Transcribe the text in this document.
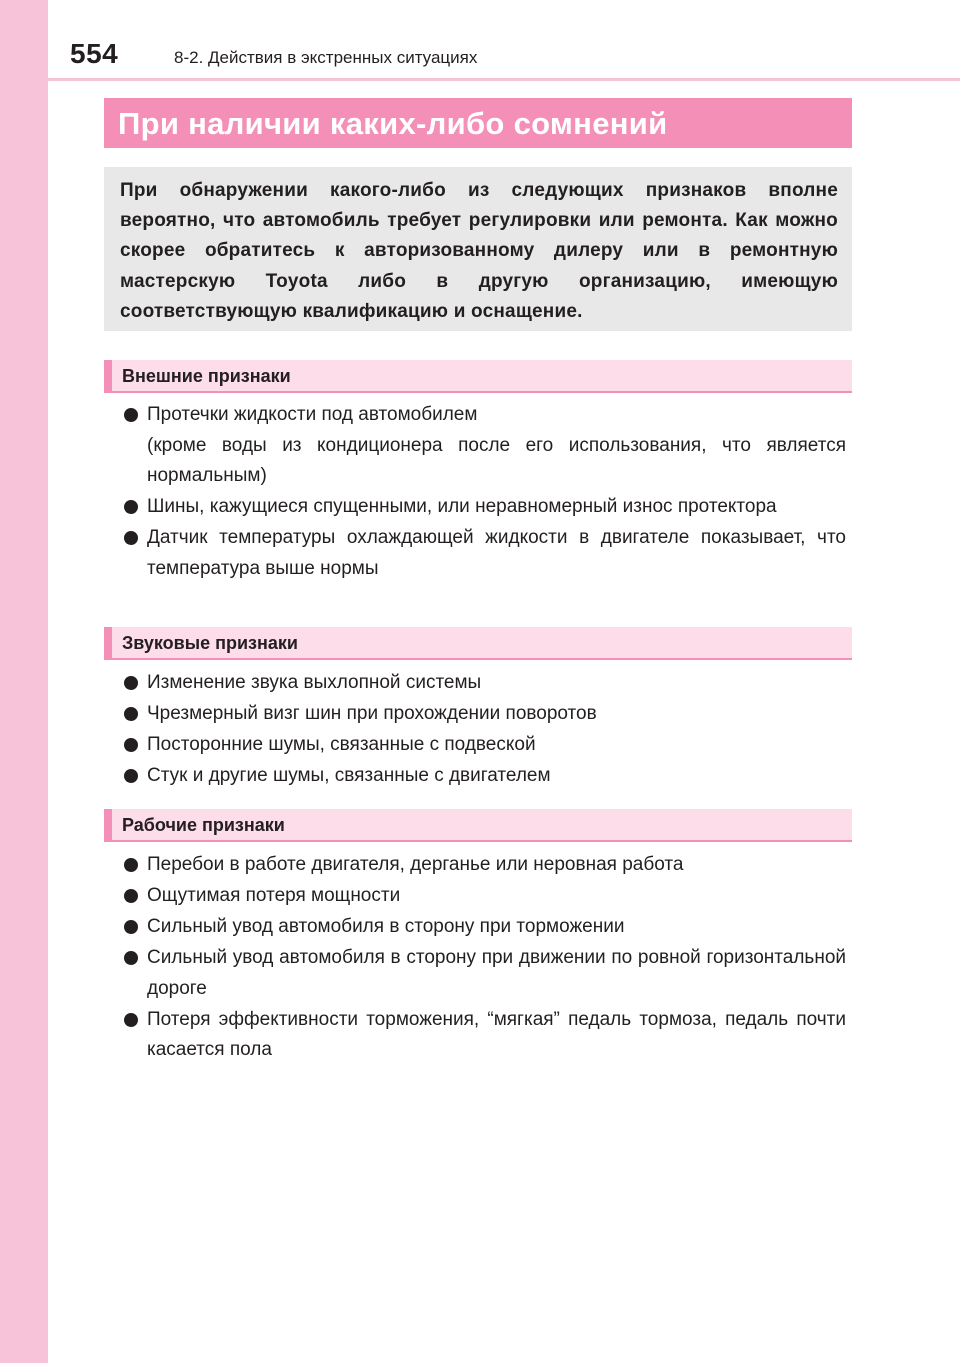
554	8-2. Действия в экстренных ситуациях
При наличии каких-либо сомнений
При обнаружении какого-либо из следующих признаков вполне вероятно, что автомобиль требует регулировки или ремонта. Как можно скорее обратитесь к авторизованному дилеру или в ремонтную мастерскую Toyota либо в другую организацию, имеющую соответствующую квалификацию и оснащение.
Внешние признаки
Протечки жидкости под автомобилем
(кроме воды из кондиционера после его использования, что является нормальным)
Шины, кажущиеся спущенными, или неравномерный износ протектора
Датчик температуры охлаждающей жидкости в двигателе показывает, что температура выше нормы
Звуковые признаки
Изменение звука выхлопной системы
Чрезмерный визг шин при прохождении поворотов
Посторонние шумы, связанные с подвеской
Стук и другие шумы, связанные с двигателем
Рабочие признаки
Перебои в работе двигателя, дерганье или неровная работа
Ощутимая потеря мощности
Сильный увод автомобиля в сторону при торможении
Сильный увод автомобиля в сторону при движении по ровной горизонтальной дороге
Потеря эффективности торможения, “мягкая” педаль тормоза, педаль почти касается пола
